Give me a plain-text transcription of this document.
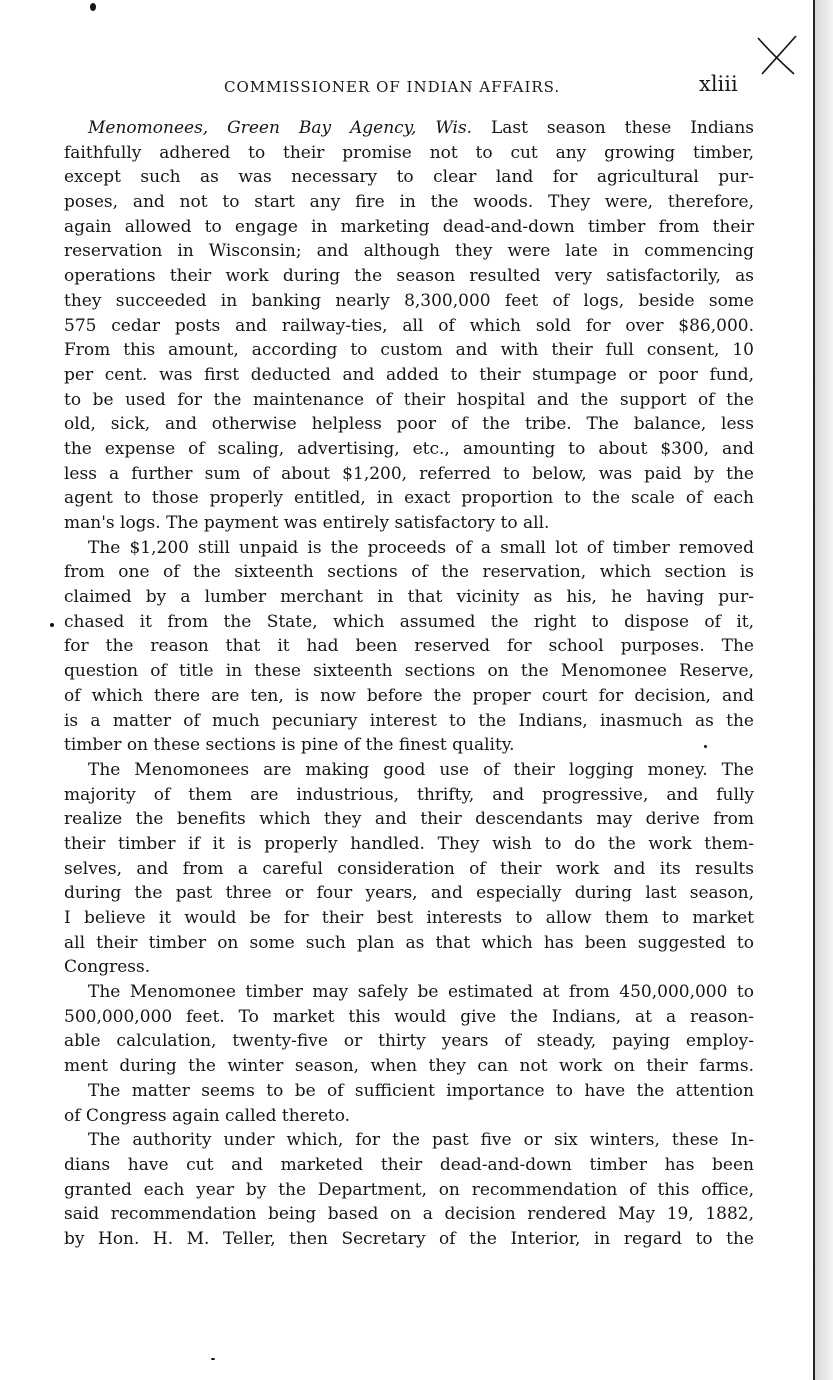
COMMISSIONER OF INDIAN AFFAIRS.	xliii
Menomonees, Green Bay Agency, Wis. Last season these Indians
faithfully adhered to their promise not to cut any growing timber,
except such as was necessary to clear land for agricultural pur-
poses, and not to start any fire in the woods. They were, therefore,
again allowed to engage in marketing dead-and-down timber from their
reservation in Wisconsin; and although they were late in commencing
operations their work during the season resulted very satisfactorily, as
they succeeded in banking nearly 8,300,000 feet of logs, beside some
575 cedar posts and railway-ties, all of which sold for over $86,000.
From this amount, according to custom and with their full consent, 10
per cent. was first deducted and added to their stumpage or poor fund,
to be used for the maintenance of their hospital and the support of the
old, sick, and otherwise helpless poor of the tribe. The balance, less
the expense of scaling, advertising, etc., amounting to about $300, and
less a further sum of about $1,200, referred to below, was paid by the
agent to those properly entitled, in exact proportion to the scale of each
man's logs. The payment was entirely satisfactory to all.
The $1,200 still unpaid is the proceeds of a small lot of timber removed
from one of the sixteenth sections of the reservation, which section is
claimed by a lumber merchant in that vicinity as his, he having pur-
chased it from the State, which assumed the right to dispose of it,
for the reason that it had been reserved for school purposes. The
question of title in these sixteenth sections on the Menomonee Reserve,
of which there are ten, is now before the proper court for decision, and
is a matter of much pecuniary interest to the Indians, inasmuch as the
timber on these sections is pine of the finest quality.
The Menomonees are making good use of their logging money. The
majority of them are industrious, thrifty, and progressive, and fully
realize the benefits which they and their descendants may derive from
their timber if it is properly handled. They wish to do the work them-
selves, and from a careful consideration of their work and its results
during the past three or four years, and especially during last season,
I believe it would be for their best interests to allow them to market
all their timber on some such plan as that which has been suggested to
Congress.
The Menomonee timber may safely be estimated at from 450,000,000 to
500,000,000 feet. To market this would give the Indians, at a reason-
able calculation, twenty-five or thirty years of steady, paying employ-
ment during the winter season, when they can not work on their farms.
The matter seems to be of sufficient importance to have the attention
of Congress again called thereto.
The authority under which, for the past five or six winters, these In-
dians have cut and marketed their dead-and-down timber has been
granted each year by the Department, on recommendation of this office,
said recommendation being based on a decision rendered May 19, 1882,
by Hon. H. M. Teller, then Secretary of the Interior, in regard to the
